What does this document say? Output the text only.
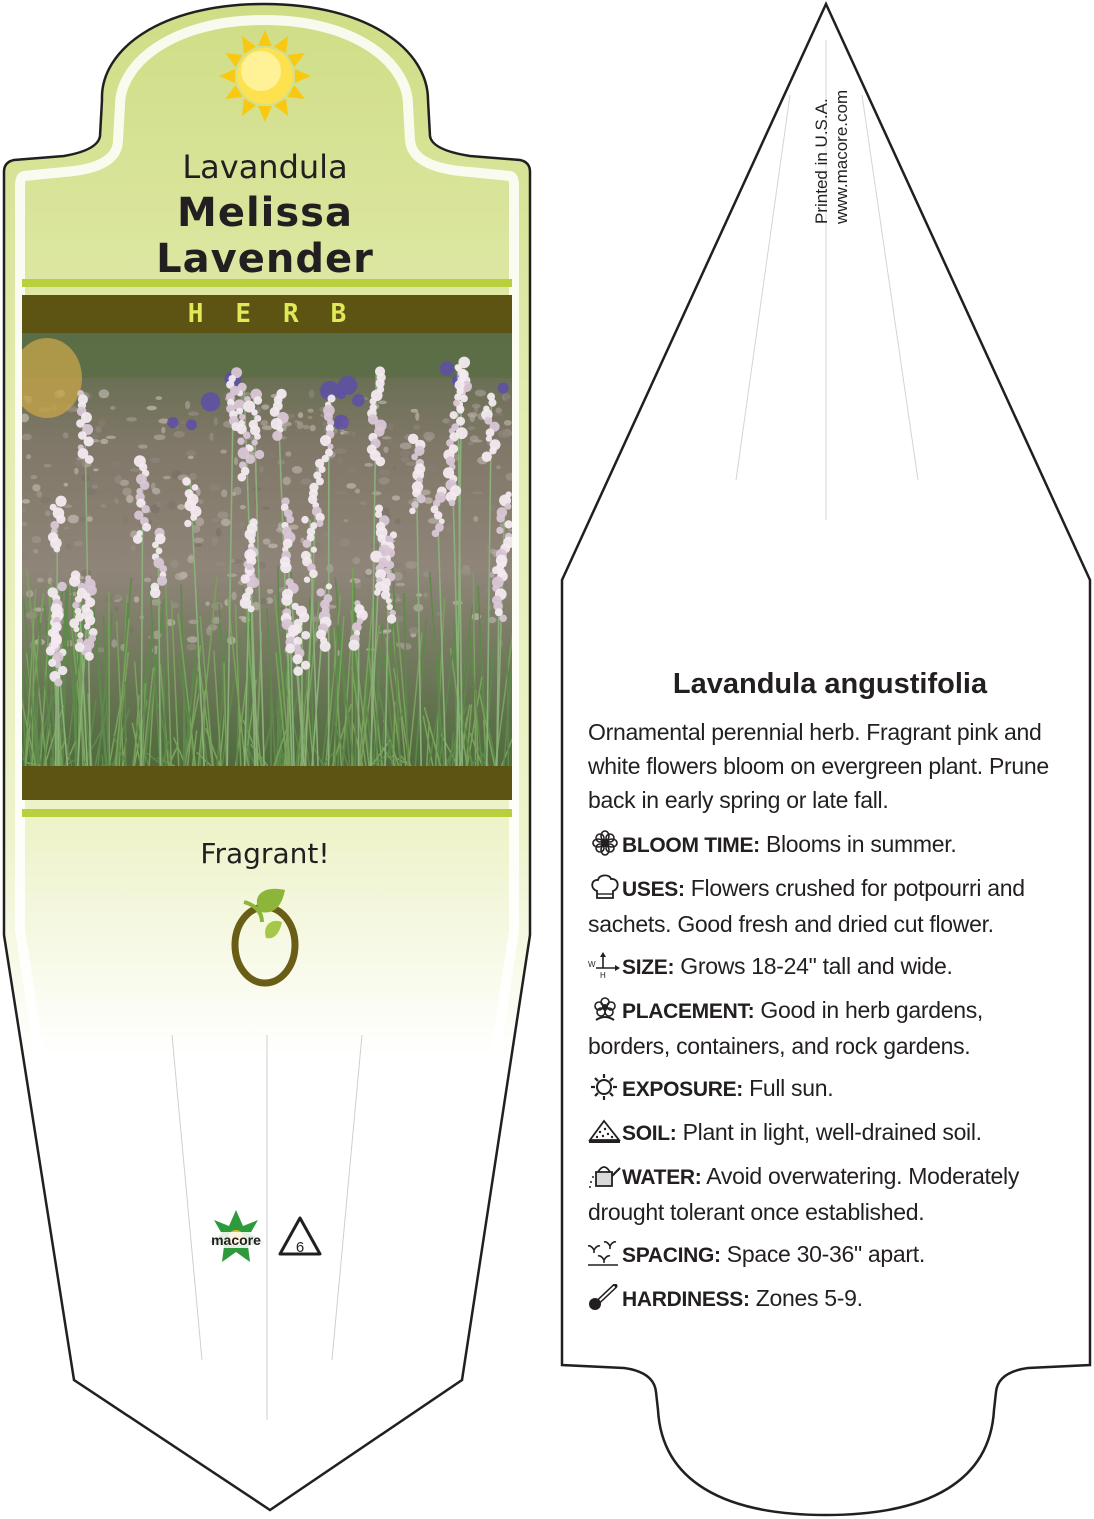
Lavandula
Melissa
Lavender
HERB
Fragrant!
macore 6
Printed in U.S.A. www.macore.com
Lavandula angustifolia

Ornamental perennial herb. Fragrant pink and white flowers bloom on evergreen plant. Prune back in early spring or late fall.

BLOOM TIME: Blooms in summer.

USES: Flowers crushed for potpourri and sachets. Good fresh and dried cut flower.

W
H SIZE: Grows 18-24" tall and wide.

PLACEMENT: Good in herb gardens, borders, containers, and rock gardens.

EXPOSURE: Full sun.

SOIL: Plant in light, well-drained soil.

WATER: Avoid overwatering. Moderately drought tolerant once established.

SPACING: Space 30-36" apart.

HARDINESS: Zones 5-9.
